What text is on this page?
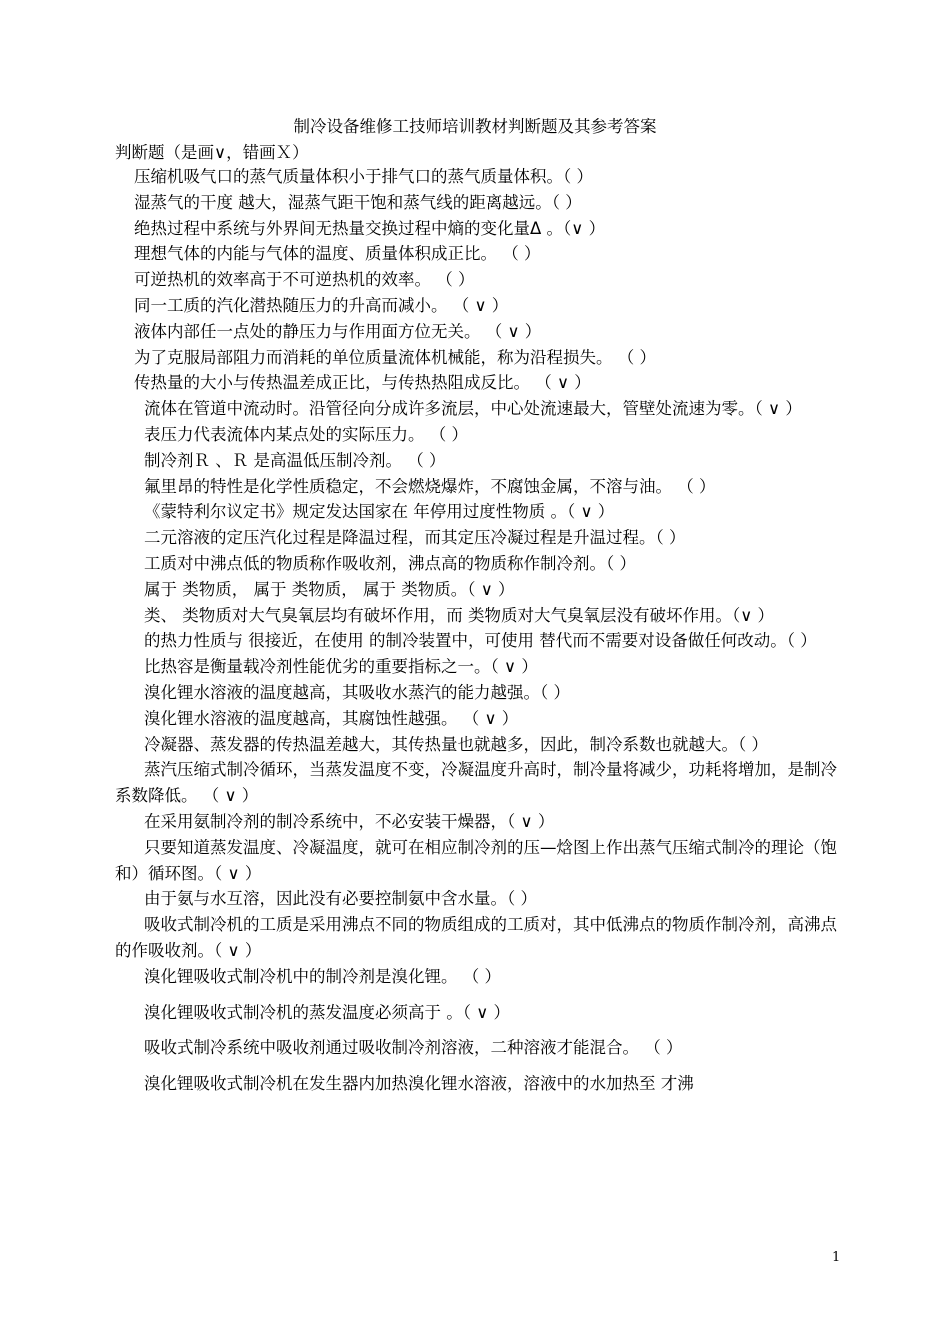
制冷设备维修工技师培训教材判断题及其参考答案
判断题（是画∨，错画Ｘ）
压缩机吸气口的蒸气质量体积小于排气口的蒸气质量体积。（ ）
湿蒸气的干度 越大，湿蒸气距干饱和蒸气线的距离越远。（ ）
绝热过程中系统与外界间无热量交换过程中熵的变化量Δ 。（∨ ）
理想气体的内能与气体的温度、质量体积成正比。 （ ）
可逆热机的效率高于不可逆热机的效率。 （ ）
同一工质的汽化潜热随压力的升高而减小。 （ ∨ ）
液体内部任一点处的静压力与作用面方位无关。 （ ∨ ）
为了克服局部阻力而消耗的单位质量流体机械能，称为沿程损失。 （ ）
传热量的大小与传热温差成正比，与传热热阻成反比。 （ ∨ ）
流体在管道中流动时。沿管径向分成许多流层，中心处流速最大，管壁处流速为零。（ ∨ ）
表压力代表流体内某点处的实际压力。 （ ）
制冷剂Ｒ 、Ｒ 是高温低压制冷剂。 （ ）
氟里昂的特性是化学性质稳定，不会燃烧爆炸，不腐蚀金属，不溶与油。 （ ）
《蒙特利尔议定书》规定发达国家在 年停用过度性物质 。（ ∨ ）
二元溶液的定压汽化过程是降温过程，而其定压冷凝过程是升温过程。（ ）
工质对中沸点低的物质称作吸收剂，沸点高的物质称作制冷剂。（ ）
属于 类物质， 属于 类物质， 属于 类物质。（ ∨ ）
类、 类物质对大气臭氧层均有破坏作用，而 类物质对大气臭氧层没有破坏作用。（∨ ）
的热力性质与 很接近，在使用 的制冷装置中，可使用 替代而不需要对设备做任何改动。（ ）
比热容是衡量载冷剂性能优劣的重要指标之一。（ ∨ ）
溴化锂水溶液的温度越高，其吸收水蒸汽的能力越强。（ ）
溴化锂水溶液的温度越高，其腐蚀性越强。 （ ∨ ）
冷凝器、蒸发器的传热温差越大，其传热量也就越多，因此，制冷系数也就越大。（ ）
蒸汽压缩式制冷循环，当蒸发温度不变，冷凝温度升高时，制冷量将减少，功耗将增加，是制冷系数降低。 （ ∨ ）
在采用氨制冷剂的制冷系统中，不必安装干燥器，（ ∨ ）
只要知道蒸发温度、冷凝温度，就可在相应制冷剂的压—焓图上作出蒸气压缩式制冷的理论（饱和）循环图。（ ∨ ）
由于氨与水互溶，因此没有必要控制氨中含水量。（ ）
吸收式制冷机的工质是采用沸点不同的物质组成的工质对，其中低沸点的物质作制冷剂，高沸点的作吸收剂。（ ∨ ）
溴化锂吸收式制冷机中的制冷剂是溴化锂。 （ ）
溴化锂吸收式制冷机的蒸发温度必须高于 。（ ∨ ）
吸收式制冷系统中吸收剂通过吸收制冷剂溶液，二种溶液才能混合。 （ ）
溴化锂吸收式制冷机在发生器内加热溴化锂水溶液，溶液中的水加热至 才沸
1
